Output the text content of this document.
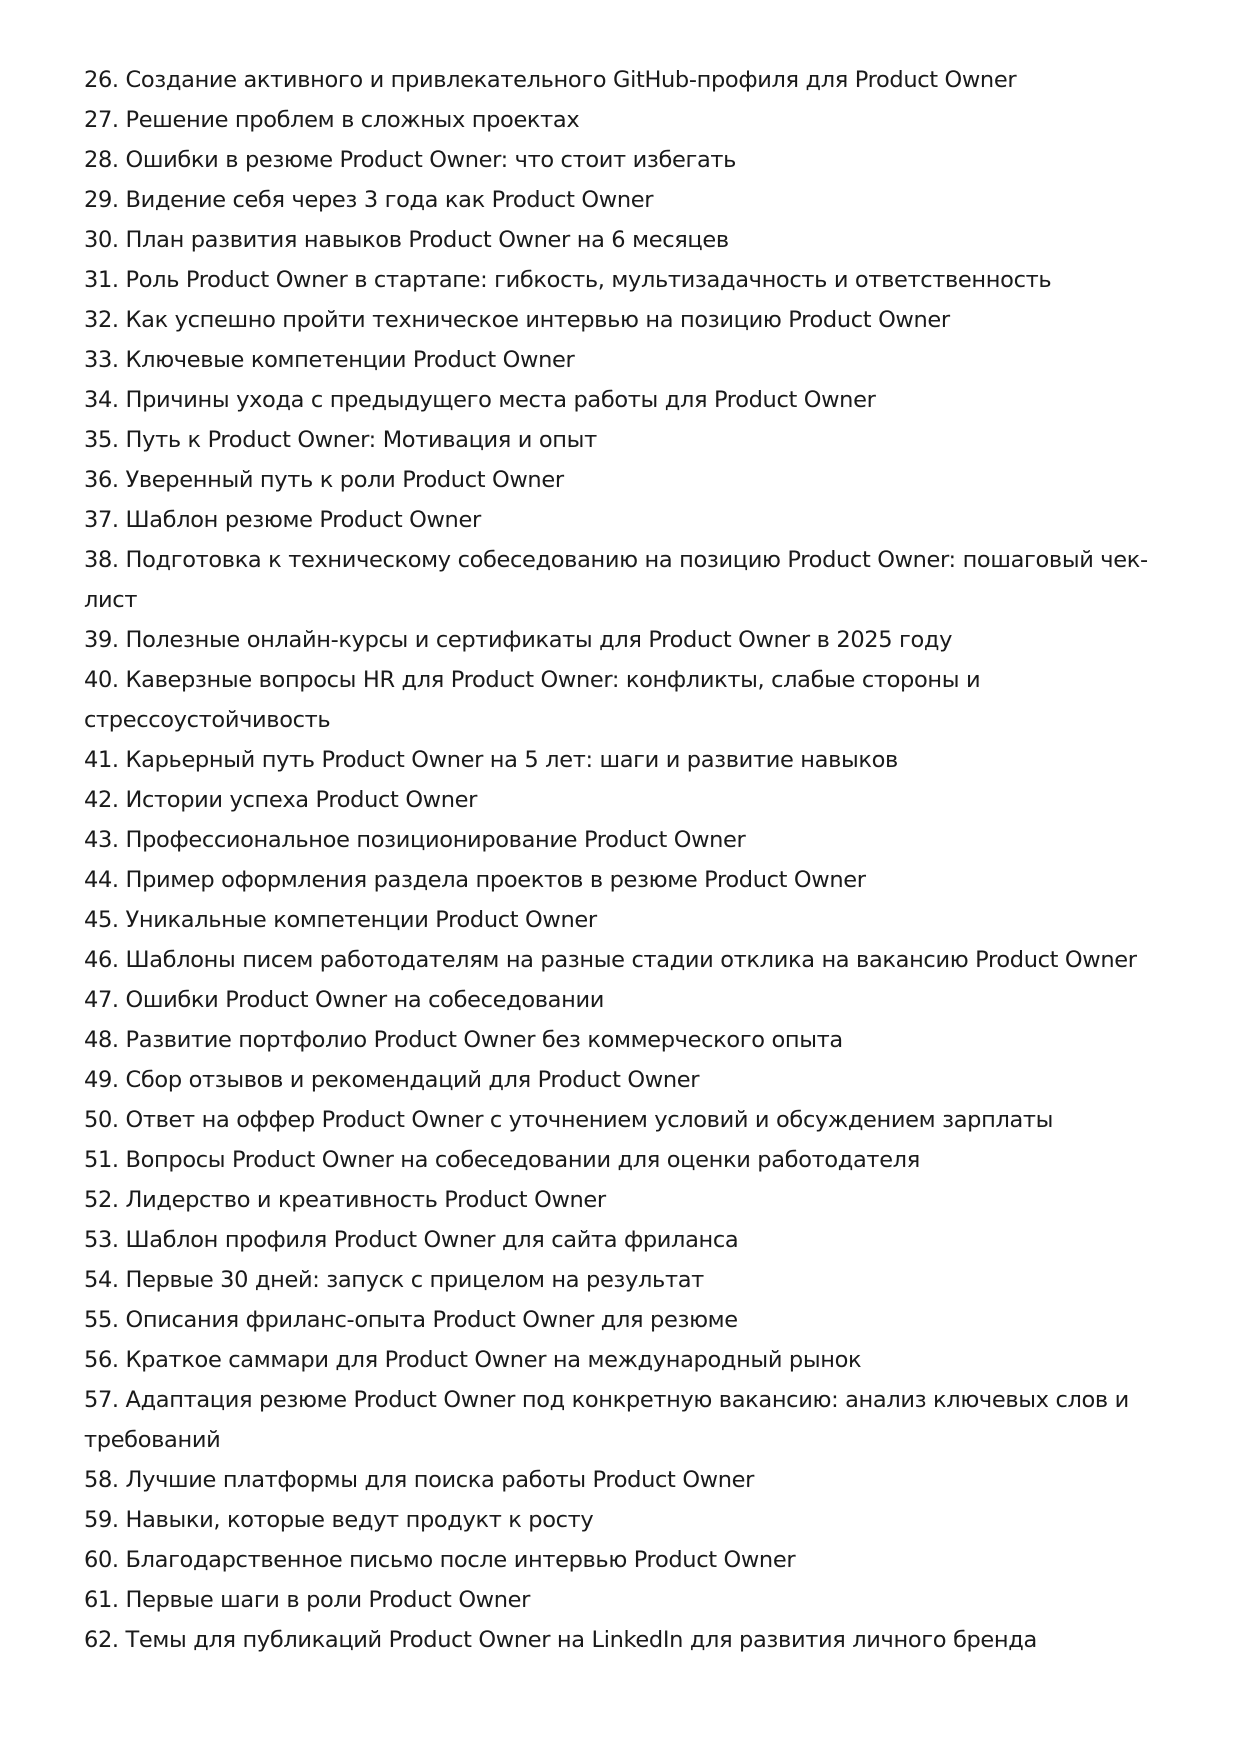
26. Создание активного и привлекательного GitHub-профиля для Product Owner
27. Решение проблем в сложных проектах
28. Ошибки в резюме Product Owner: что стоит избегать
29. Видение себя через 3 года как Product Owner
30. План развития навыков Product Owner на 6 месяцев
31. Роль Product Owner в стартапе: гибкость, мультизадачность и ответственность
32. Как успешно пройти техническое интервью на позицию Product Owner
33. Ключевые компетенции Product Owner
34. Причины ухода с предыдущего места работы для Product Owner
35. Путь к Product Owner: Мотивация и опыт
36. Уверенный путь к роли Product Owner
37. Шаблон резюме Product Owner
38. Подготовка к техническому собеседованию на позицию Product Owner: пошаговый чек-лист
39. Полезные онлайн-курсы и сертификаты для Product Owner в 2025 году
40. Каверзные вопросы HR для Product Owner: конфликты, слабые стороны и стрессоустойчивость
41. Карьерный путь Product Owner на 5 лет: шаги и развитие навыков
42. Истории успеха Product Owner
43. Профессиональное позиционирование Product Owner
44. Пример оформления раздела проектов в резюме Product Owner
45. Уникальные компетенции Product Owner
46. Шаблоны писем работодателям на разные стадии отклика на вакансию Product Owner
47. Ошибки Product Owner на собеседовании
48. Развитие портфолио Product Owner без коммерческого опыта
49. Сбор отзывов и рекомендаций для Product Owner
50. Ответ на оффер Product Owner с уточнением условий и обсуждением зарплаты
51. Вопросы Product Owner на собеседовании для оценки работодателя
52. Лидерство и креативность Product Owner
53. Шаблон профиля Product Owner для сайта фриланса
54. Первые 30 дней: запуск с прицелом на результат
55. Описания фриланс-опыта Product Owner для резюме
56. Краткое саммари для Product Owner на международный рынок
57. Адаптация резюме Product Owner под конкретную вакансию: анализ ключевых слов и требований
58. Лучшие платформы для поиска работы Product Owner
59. Навыки, которые ведут продукт к росту
60. Благодарственное письмо после интервью Product Owner
61. Первые шаги в роли Product Owner
62. Темы для публикаций Product Owner на LinkedIn для развития личного бренда
